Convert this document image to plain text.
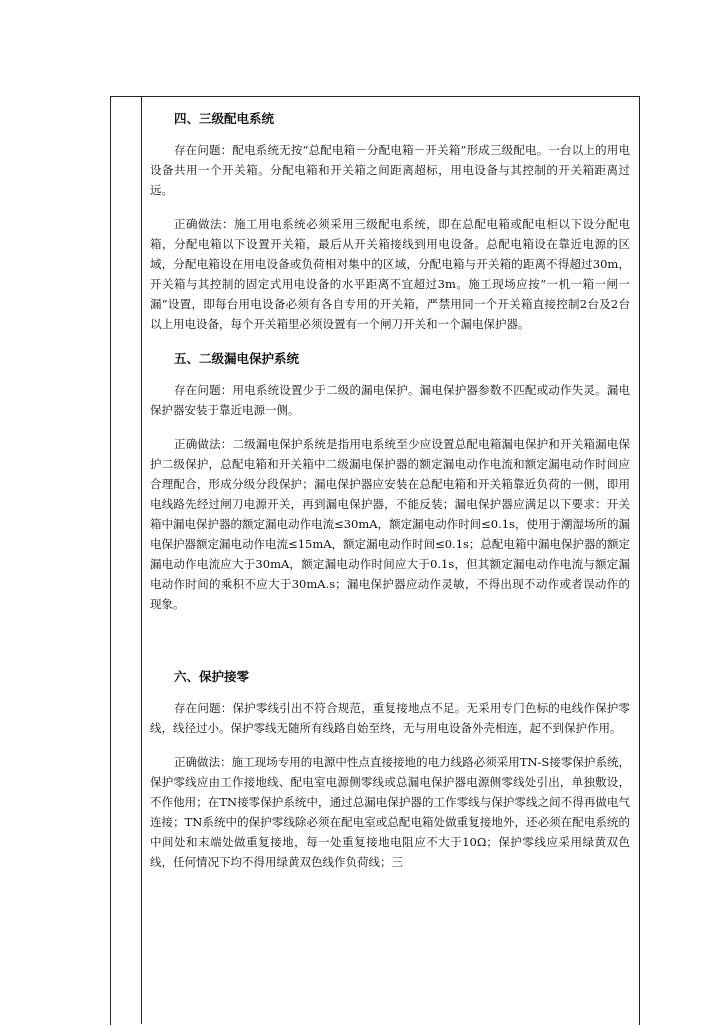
四、三级配电系统

存在问题：配电系统无按“总配电箱－分配电箱－开关箱”形成三级配电。一台以上的用电设备共用一个开关箱。分配电箱和开关箱之间距离超标，用电设备与其控制的开关箱距离过远。

正确做法：施工用电系统必须采用三级配电系统，即在总配电箱或配电柜以下设分配电箱，分配电箱以下设置开关箱，最后从开关箱接线到用电设备。总配电箱设在靠近电源的区域，分配电箱设在用电设备或负荷相对集中的区域，分配电箱与开关箱的距离不得超过30m，开关箱与其控制的固定式用电设备的水平距离不宜超过3m。施工现场应按“一机一箱一闸一漏”设置，即每台用电设备必须有各自专用的开关箱，严禁用同一个开关箱直接控制2台及2台以上用电设备，每个开关箱里必须设置有一个闸刀开关和一个漏电保护器。

五、二级漏电保护系统

存在问题：用电系统设置少于二级的漏电保护。漏电保护器参数不匹配或动作失灵。漏电保护器安装于靠近电源一侧。

正确做法：二级漏电保护系统是指用电系统至少应设置总配电箱漏电保护和开关箱漏电保护二级保护，总配电箱和开关箱中二级漏电保护器的额定漏电动作电流和额定漏电动作时间应合理配合，形成分级分段保护；漏电保护器应安装在总配电箱和开关箱靠近负荷的一侧，即用电线路先经过闸刀电源开关，再到漏电保护器，不能反装；漏电保护器应满足以下要求：开关箱中漏电保护器的额定漏电动作电流≤30mA，额定漏电动作时间≤0.1s，使用于潮湿场所的漏电保护器额定漏电动作电流≤15mA，额定漏电动作时间≤0.1s；总配电箱中漏电保护器的额定漏电动作电流应大于30mA，额定漏电动作时间应大于0.1s，但其额定漏电动作电流与额定漏电动作时间的乘积不应大于30mA.s；漏电保护器应动作灵敏，不得出现不动作或者误动作的现象。

六、保护接零

存在问题：保护零线引出不符合规范，重复接地点不足。无采用专门色标的电线作保护零线，线径过小。保护零线无随所有线路自始至终，无与用电设备外壳相连，起不到保护作用。

正确做法：施工现场专用的电源中性点直接接地的电力线路必须采用TN-S接零保护系统，保护零线应由工作接地线、配电室电源侧零线或总漏电保护器电源侧零线处引出，单独敷设，不作他用；在TN接零保护系统中，通过总漏电保护器的工作零线与保护零线之间不得再做电气连接；TN系统中的保护零线除必须在配电室或总配电箱处做重复接地外，还必须在配电系统的中间处和末端处做重复接地，每一处重复接地电阻应不大于10Ω；保护零线应采用绿黄双色线，任何情况下均不得用绿黄双色线作负荷线；三
